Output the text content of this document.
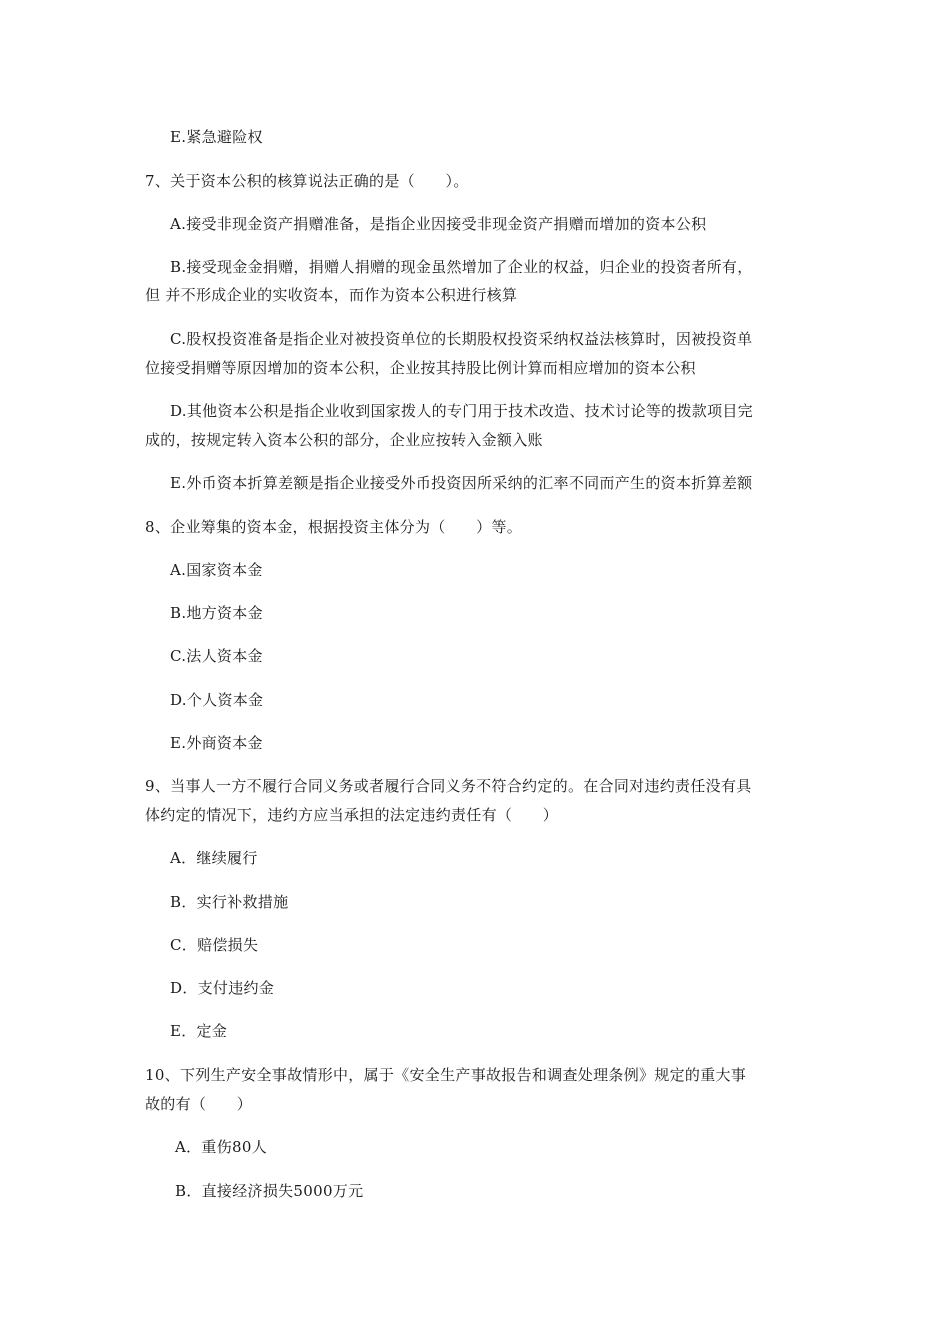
E.紧急避险权
7、关于资本公积的核算说法正确的是（　　）。
A.接受非现金资产捐赠准备，是指企业因接受非现金资产捐赠而增加的资本公积
B.接受现金金捐赠，捐赠人捐赠的现金虽然增加了企业的权益，归企业的投资者所有，
但 并不形成企业的实收资本，而作为资本公积进行核算
C.股权投资准备是指企业对被投资单位的长期股权投资采纳权益法核算时，因被投资单
位接受捐赠等原因增加的资本公积，企业按其持股比例计算而相应增加的资本公积
D.其他资本公积是指企业收到国家拨人的专门用于技术改造、技术讨论等的拨款项目完
成的，按规定转入资本公积的部分，企业应按转入金额入账
E.外币资本折算差额是指企业接受外币投资因所采纳的汇率不同而产生的资本折算差额
8、企业筹集的资本金，根据投资主体分为（　　）等。
A.国家资本金
B.地方资本金
C.法人资本金
D.个人资本金
E.外商资本金
9、当事人一方不履行合同义务或者履行合同义务不符合约定的。在合同对违约责任没有具
体约定的情况下，违约方应当承担的法定违约责任有（　　）
A．继续履行
B．实行补救措施
C．赔偿损失
D．支付违约金
E．定金
10、下列生产安全事故情形中，属于《安全生产事故报告和调查处理条例》规定的重大事
故的有（　　）
A．重伤80人
B．直接经济损失5000万元
